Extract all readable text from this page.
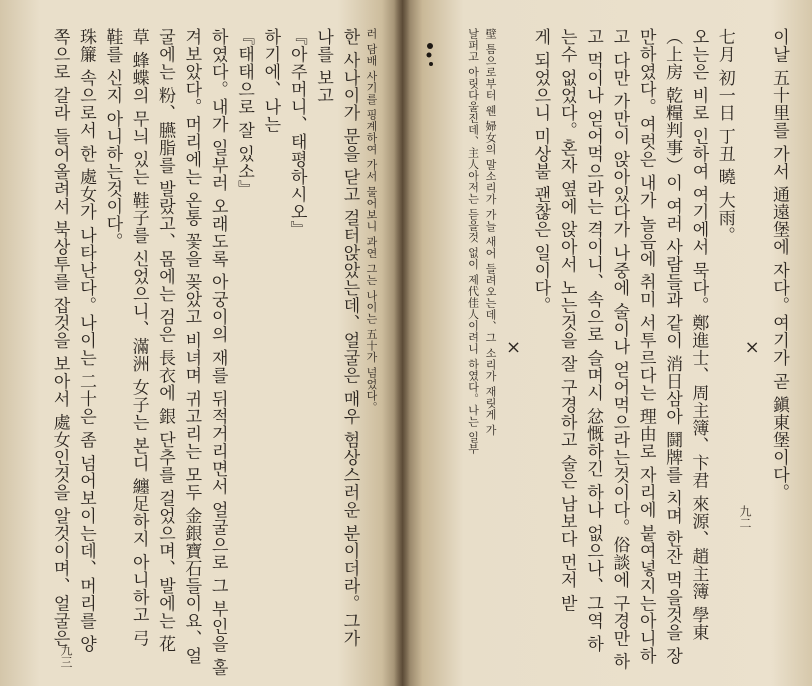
러 담배 사기를 핑계하여 가서 물어보니 과연 그는 나이는 五十가 넘었다。
한 사나이가 문을 닫고 걸터앉았는데、얼굴은 매우 험상스러운 분이더라。그가
나를 보고
『아주머니、태평하시오』
하기에、나는
『태태으로 잘 있소』
하였다。내가 일부러 오래도록 아궁이의 재를 뒤적거리면서 얼굴으로 그 부인을 홀
겨보았다。머리에는 온통 꽃을 꽂았고 비녀며 귀고리는 모두 金銀寶石들이요、얼
굴에는 粉、臙脂를 발랐고、몸에는 검은 長衣에 銀 단추를 걸었으며、발에는 花
草 蜂蝶의 무늬 있는 鞋子를 신었으니、滿洲 女子는 본디 纏足하지 아니하고 弓
鞋를 신지 아니하는것이다。
珠簾 속으로서 한 處女가 나타난다。나이는 二十은 좀 넘어보이는데、머리를 양
쪽으로 갈라 들어올려서 북상투를 잡것을 보아서 處女인것을 알것이며、얼굴은
九三
이날 五十里를 가서 通遠堡에 자다。여기가 곧 鎭東堡이다。
×
七月 初一日 丁丑 曉 大雨。
오는은 비로 인하여 여기에서 묵다。鄭進士、周主簿、卞君 來源、趙主簿 學東
（上房 乾糧判事）이 여러 사람들과 같이 消日삼아 鬪牌를 치며 한잔 먹을것을 장
만하였다。여럿은 내가 놀음에 취미 서투르다는 理由로 자리에 붙여넣지는아니하
고 다만 가만이 앉아있다가 나중에 술이나 얻어먹으라는것이다。俗談에 구경만 하
고 먹이나 얻어먹으라는 격이니、속으로 슬며시 忿慨하긴 하나 없으나、그역 하
는수 없었다。혼자 옆에 앉아서 노는것을 잘 구경하고 술은 남보다 먼저 받
게 되었으니 미상불 괜찮은 일이다。
×
壁 틈으로부터 웬 婦女의 말소리가 가늘 새어 들려오는데、그 소리가 재릿게 가
날퍼고 아릿다울진데、主人아저는 듣을것 없이 제代佳人이려니 하였다。나는 일부
九二
